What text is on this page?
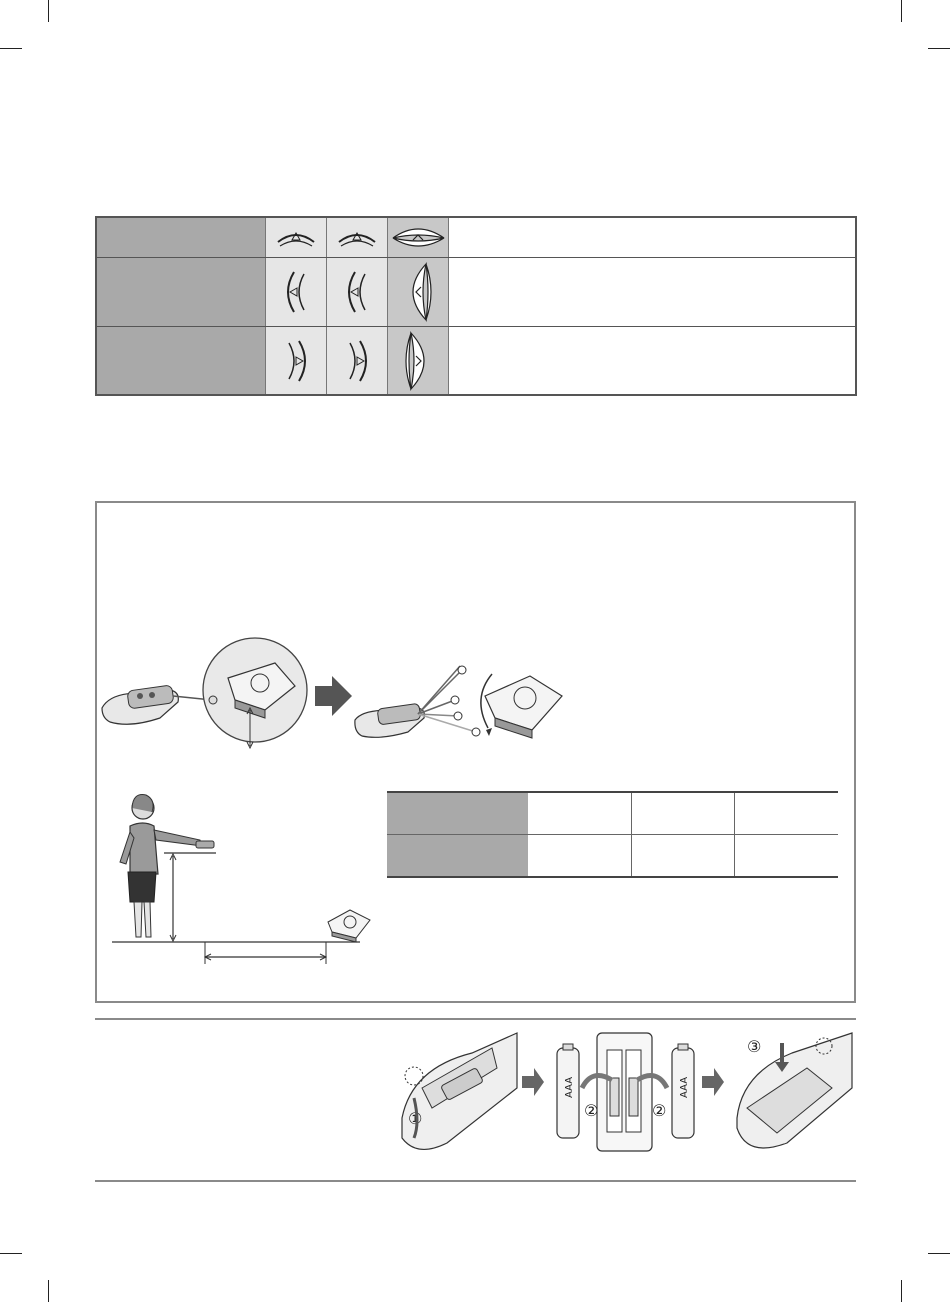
①
AAA
②	②
AAA
③
